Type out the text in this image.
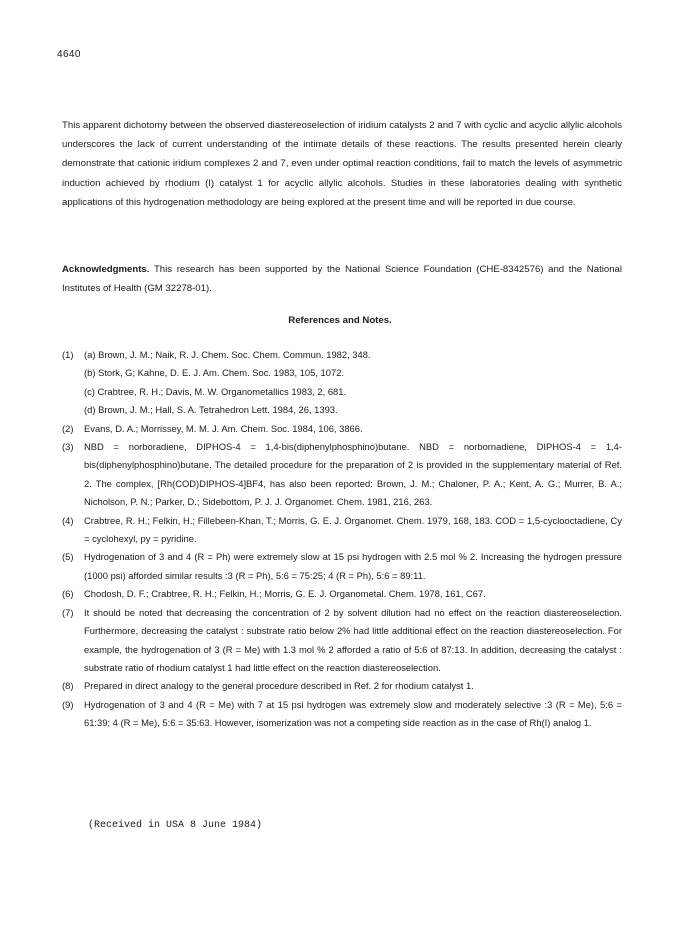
4640

This apparent dichotomy between the observed diastereoselection of iridium catalysts 2 and 7 with cyclic and acyclic allylic alcohols underscores the lack of current understanding of the intimate details of these reactions. The results presented herein clearly demonstrate that cationic iridium complexes 2 and 7, even under optimal reaction conditions, fail to match the levels of asymmetric induction achieved by rhodium (I) catalyst 1 for acyclic allylic alcohols. Studies in these laboratories dealing with synthetic applications of this hydrogenation methodology are being explored at the present time and will be reported in due course.

Acknowledgments. This research has been supported by the National Science Foundation (CHE-8342576) and the National Institutes of Health (GM 32278-01).

References and Notes.
(1) (a) Brown, J. M.; Naik, R. J. Chem. Soc. Chem. Commun. 1982, 348.
(b) Stork, G; Kahne, D. E. J. Am. Chem. Soc. 1983, 105, 1072.
(c) Crabtree, R. H.; Davis, M. W. Organometallics 1983, 2, 681.
(d) Brown, J. M.; Hall, S. A. Tetrahedron Lett. 1984, 26, 1393.
(2) Evans, D. A.; Morrissey, M. M. J. Am. Chem. Soc. 1984, 106, 3866.
(3) NBD = norboradiene, DIPHOS-4 = 1,4-bis(diphenylphosphino)butane. NBD = norbornadiene, DIPHOS-4 = 1,4-bis(diphenylphosphino)butane. The detailed procedure for the preparation of 2 is provided in the supplementary material of Ref. 2. The complex, [Rh(COD)DIPHOS-4]BF4, has also been reported: Brown, J. M.; Chaloner, P. A.; Kent, A. G.; Murrer, B. A.; Nicholson, P. N.; Parker, D.; Sidebottom, P. J. J. Organomet. Chem. 1981, 216, 263.
(4) Crabtree, R. H.; Felkin, H.; Fillebeen-Khan, T.; Morris, G. E. J. Organomet. Chem. 1979, 168, 183. COD = 1,5-cyclooctadiene, Cy = cyclohexyl, py = pyridine.
(5) Hydrogenation of 3 and 4 (R = Ph) were extremely slow at 15 psi hydrogen with 2.5 mol % 2. Increasing the hydrogen pressure (1000 psi) afforded similar results :3 (R = Ph), 5:6 = 75:25; 4 (R = Ph), 5:6 = 89:11.
(6) Chodosh, D. F.; Crabtree, R. H.; Felkin, H.; Morris, G. E. J. Organometal. Chem. 1978, 161, C67.
(7) It should be noted that decreasing the concentration of 2 by solvent dilution had no effect on the reaction diastereoselection. Furthermore, decreasing the catalyst : substrate ratio below 2% had little additional effect on the reaction diastereoselection. For example, the hydrogenation of 3 (R = Me) with 1.3 mol % 2 afforded a ratio of 5:6 of 87:13. In addition, decreasing the catalyst : substrate ratio of rhodium catalyst 1 had little effect on the reaction diastereoselection.
(8) Prepared in direct analogy to the general procedure described in Ref. 2 for rhodium catalyst 1.
(9) Hydrogenation of 3 and 4 (R = Me) with 7 at 15 psi hydrogen was extremely slow and moderately selective :3 (R = Me), 5:6 = 61:39; 4 (R = Me), 5:6 = 35:63. However, isomerization was not a competing side reaction as in the case of Rh(I) analog 1.
(Received in USA 8 June 1984)
